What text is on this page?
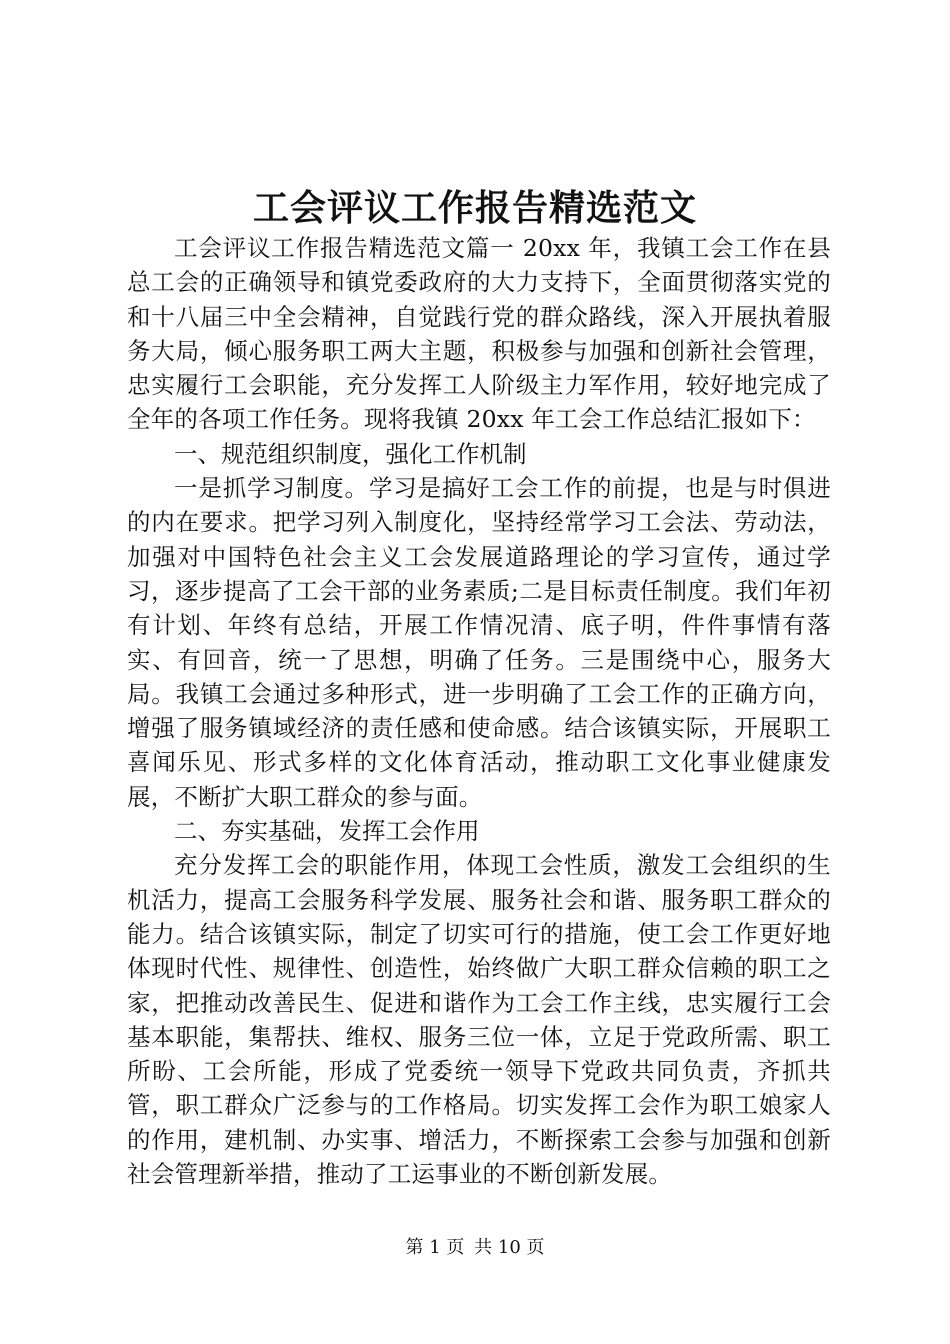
工会评议工作报告精选范文

工会评议工作报告精选范文篇一 20xx 年，我镇工会工作在县总工会的正确领导和镇党委政府的大力支持下，全面贯彻落实党的和十八届三中全会精神，自觉践行党的群众路线，深入开展执着服务大局，倾心服务职工两大主题，积极参与加强和创新社会管理，忠实履行工会职能，充分发挥工人阶级主力军作用，较好地完成了全年的各项工作任务。现将我镇 20xx 年工会工作总结汇报如下：

一、规范组织制度，强化工作机制

一是抓学习制度。学习是搞好工会工作的前提，也是与时俱进的内在要求。把学习列入制度化，坚持经常学习工会法、劳动法，加强对中国特色社会主义工会发展道路理论的学习宣传，通过学习，逐步提高了工会干部的业务素质;二是目标责任制度。我们年初有计划、年终有总结，开展工作情况清、底子明，件件事情有落实、有回音，统一了思想，明确了任务。三是围绕中心，服务大局。我镇工会通过多种形式，进一步明确了工会工作的正确方向，增强了服务镇域经济的责任感和使命感。结合该镇实际，开展职工喜闻乐见、形式多样的文化体育活动，推动职工文化事业健康发展，不断扩大职工群众的参与面。

二、夯实基础，发挥工会作用

充分发挥工会的职能作用，体现工会性质，激发工会组织的生机活力，提高工会服务科学发展、服务社会和谐、服务职工群众的能力。结合该镇实际，制定了切实可行的措施，使工会工作更好地体现时代性、规律性、创造性，始终做广大职工群众信赖的职工之家，把推动改善民生、促进和谐作为工会工作主线，忠实履行工会基本职能，集帮扶、维权、服务三位一体，立足于党政所需、职工所盼、工会所能，形成了党委统一领导下党政共同负责，齐抓共管，职工群众广泛参与的工作格局。切实发挥工会作为职工娘家人的作用，建机制、办实事、增活力，不断探索工会参与加强和创新社会管理新举措，推动了工运事业的不断创新发展。

第 1 页 共 10 页
